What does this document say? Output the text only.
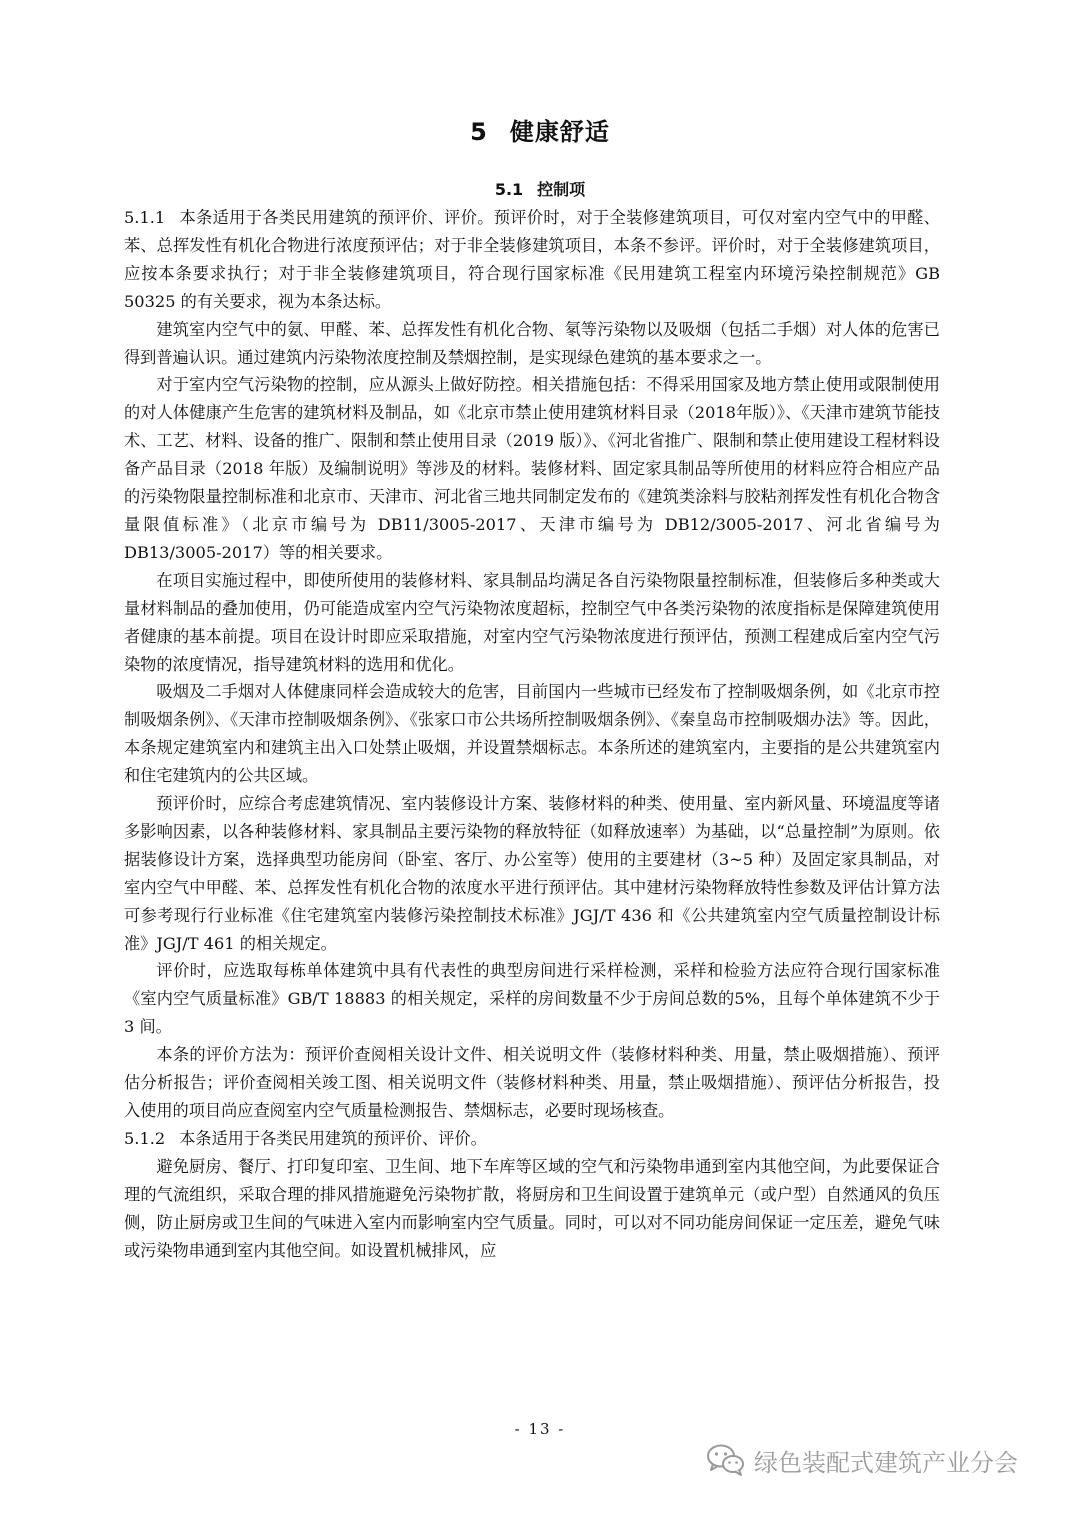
5 健康舒适
5.1 控制项

5.1.1 本条适用于各类民用建筑的预评价、评价。预评价时，对于全装修建筑项目，可仅对室内空气中的甲醛、苯、总挥发性有机化合物进行浓度预评估；对于非全装修建筑项目，本条不参评。评价时，对于全装修建筑项目，应按本条要求执行；对于非全装修建筑项目，符合现行国家标准《民用建筑工程室内环境污染控制规范》GB 50325 的有关要求，视为本条达标。

建筑室内空气中的氨、甲醛、苯、总挥发性有机化合物、氡等污染物以及吸烟（包括二手烟）对人体的危害已得到普遍认识。通过建筑内污染物浓度控制及禁烟控制，是实现绿色建筑的基本要求之一。

对于室内空气污染物的控制，应从源头上做好防控。相关措施包括：不得采用国家及地方禁止使用或限制使用的对人体健康产生危害的建筑材料及制品，如《北京市禁止使用建筑材料目录（2018年版）》、《天津市建筑节能技术、工艺、材料、设备的推广、限制和禁止使用目录（2019 版）》、《河北省推广、限制和禁止使用建设工程材料设备产品目录（2018 年版）及编制说明》等涉及的材料。装修材料、固定家具制品等所使用的材料应符合相应产品的污染物限量控制标准和北京市、天津市、河北省三地共同制定发布的《建筑类涂料与胶粘剂挥发性有机化合物含量限值标准》（北京市编号为 DB11/3005-2017、天津市编号为 DB12/3005-2017、河北省编号为 DB13/3005-2017）等的相关要求。

在项目实施过程中，即使所使用的装修材料、家具制品均满足各自污染物限量控制标准，但装修后多种类或大量材料制品的叠加使用，仍可能造成室内空气污染物浓度超标，控制空气中各类污染物的浓度指标是保障建筑使用者健康的基本前提。项目在设计时即应采取措施，对室内空气污染物浓度进行预评估，预测工程建成后室内空气污染物的浓度情况，指导建筑材料的选用和优化。

吸烟及二手烟对人体健康同样会造成较大的危害，目前国内一些城市已经发布了控制吸烟条例，如《北京市控制吸烟条例》、《天津市控制吸烟条例》、《张家口市公共场所控制吸烟条例》、《秦皇岛市控制吸烟办法》等。因此，本条规定建筑室内和建筑主出入口处禁止吸烟，并设置禁烟标志。本条所述的建筑室内，主要指的是公共建筑室内和住宅建筑内的公共区域。

预评价时，应综合考虑建筑情况、室内装修设计方案、装修材料的种类、使用量、室内新风量、环境温度等诸多影响因素，以各种装修材料、家具制品主要污染物的释放特征（如释放速率）为基础，以“总量控制”为原则。依据装修设计方案，选择典型功能房间（卧室、客厅、办公室等）使用的主要建材（3~5 种）及固定家具制品，对室内空气中甲醛、苯、总挥发性有机化合物的浓度水平进行预评估。其中建材污染物释放特性参数及评估计算方法可参考现行行业标准《住宅建筑室内装修污染控制技术标准》JGJ/T 436 和《公共建筑室内空气质量控制设计标准》JGJ/T 461 的相关规定。

评价时，应选取每栋单体建筑中具有代表性的典型房间进行采样检测，采样和检验方法应符合现行国家标准《室内空气质量标准》GB/T 18883 的相关规定，采样的房间数量不少于房间总数的5%，且每个单体建筑不少于 3 间。

本条的评价方法为：预评价查阅相关设计文件、相关说明文件（装修材料种类、用量，禁止吸烟措施）、预评估分析报告；评价查阅相关竣工图、相关说明文件（装修材料种类、用量，禁止吸烟措施）、预评估分析报告，投入使用的项目尚应查阅室内空气质量检测报告、禁烟标志，必要时现场核查。

5.1.2 本条适用于各类民用建筑的预评价、评价。

避免厨房、餐厅、打印复印室、卫生间、地下车库等区域的空气和污染物串通到室内其他空间，为此要保证合理的气流组织，采取合理的排风措施避免污染物扩散，将厨房和卫生间设置于建筑单元（或户型）自然通风的负压侧，防止厨房或卫生间的气味进入室内而影响室内空气质量。同时，可以对不同功能房间保证一定压差，避免气味或污染物串通到室内其他空间。如设置机械排风，应

- 13 -
绿色装配式建筑产业分会
